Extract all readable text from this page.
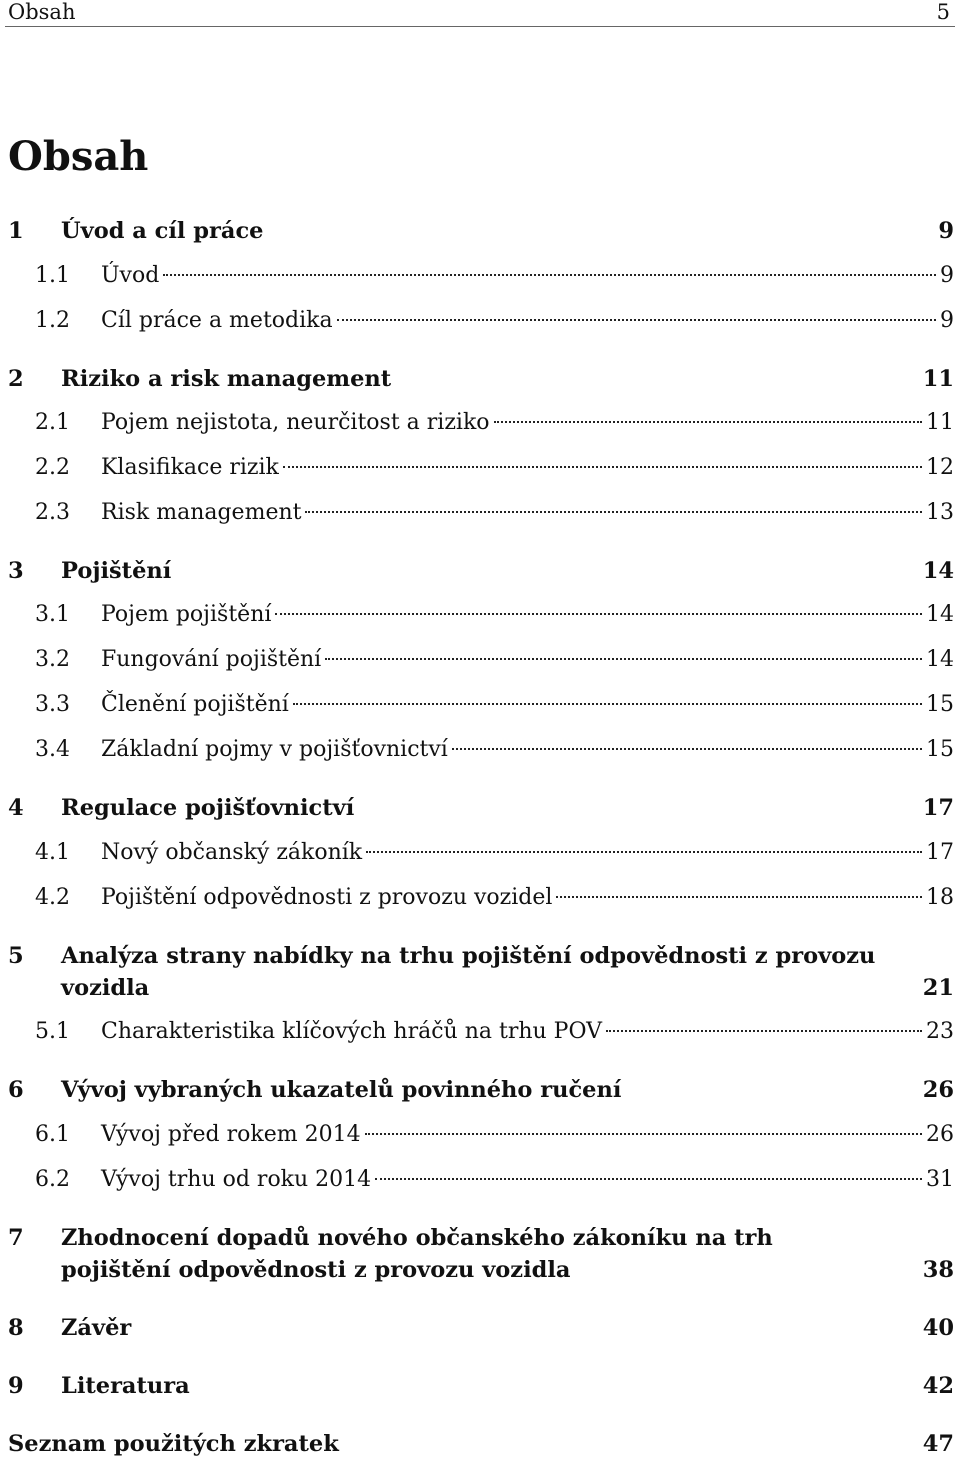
Obsah	5
Obsah
1	Úvod a cíl práce	9
1.1	Úvod	9
1.2	Cíl práce a metodika	9
2	Riziko a risk management	11
2.1	Pojem nejistota, neurčitost a riziko	11
2.2	Klasifikace rizik	12
2.3	Risk management	13
3	Pojištění	14
3.1	Pojem pojištění	14
3.2	Fungování pojištění	14
3.3	Členění pojištění	15
3.4	Základní pojmy v pojišťovnictví	15
4	Regulace pojišťovnictví	17
4.1	Nový občanský zákoník	17
4.2	Pojištění odpovědnosti z provozu vozidel	18
5	Analýza strany nabídky na trhu pojištění odpovědnosti z provozu vozidla	21
5.1	Charakteristika klíčových hráčů na trhu POV	23
6	Vývoj vybraných ukazatelů povinného ručení	26
6.1	Vývoj před rokem 2014	26
6.2	Vývoj trhu od roku 2014	31
7	Zhodnocení dopadů nového občanského zákoníku na trh pojištění odpovědnosti z provozu vozidla	38
8	Závěr	40
9	Literatura	42
Seznam použitých zkratek	47
